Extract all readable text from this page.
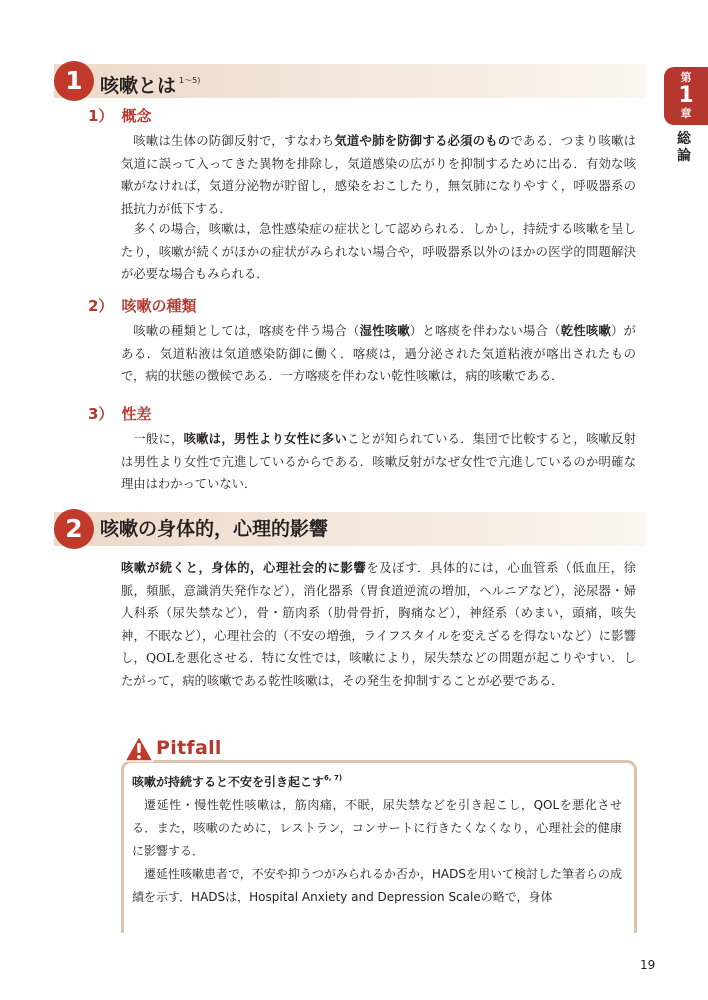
第
1
章
総論
1 咳嗽とは $^{1〜5)}$
1） 概念

咳嗽は生体の防御反射で，すなわち気道や肺を防御する必須のものである．つまり咳嗽は気道に誤って入ってきた異物を排除し，気道感染の広がりを抑制するために出る．有効な咳嗽がなければ，気道分泌物が貯留し，感染をおこしたり，無気肺になりやすく，呼吸器系の抵抗力が低下する．

多くの場合，咳嗽は，急性感染症の症状として認められる．しかし，持続する咳嗽を呈したり，咳嗽が続くがほかの症状がみられない場合や，呼吸器系以外のほかの医学的問題解決が必要な場合もみられる．

2） 咳嗽の種類

咳嗽の種類としては，喀痰を伴う場合（湿性咳嗽）と喀痰を伴わない場合（乾性咳嗽）がある．気道粘液は気道感染防御に働く．喀痰は，過分泌された気道粘液が喀出されたもので，病的状態の徴候である．一方喀痰を伴わない乾性咳嗽は，病的咳嗽である．

3） 性差

一般に，咳嗽は，男性より女性に多いことが知られている．集団で比較すると，咳嗽反射は男性より女性で亢進しているからである．咳嗽反射がなぜ女性で亢進しているのか明確な理由はわかっていない．

2 咳嗽の身体的，心理的影響

咳嗽が続くと，身体的，心理社会的に影響を及ぼす．具体的には，心血管系（低血圧，徐脈，頻脈，意識消失発作など），消化器系（胃食道逆流の増加，ヘルニアなど），泌尿器・婦人科系（尿失禁など），骨・筋肉系（肋骨骨折，胸痛など），神経系（めまい，頭痛，咳失神，不眠など），心理社会的（不安の増強，ライフスタイルを変えざるを得ないなど）に影響し，QOLを悪化させる．特に女性では，咳嗽により，尿失禁などの問題が起こりやすい．したがって，病的咳嗽である乾性咳嗽は，その発生を抑制することが必要である．

Pitfall

咳嗽が持続すると不安を引き起こす$^{6, 7)}$

遷延性・慢性乾性咳嗽は，筋肉痛，不眠，尿失禁などを引き起こし，QOLを悪化させる．また，咳嗽のために，レストラン，コンサートに行きたくなくなり，心理社会的健康に影響する．

遷延性咳嗽患者で，不安や抑うつがみられるか否か，HADSを用いて検討した筆者らの成績を示す．HADSは，Hospital Anxiety and Depression Scaleの略で，身体

19
